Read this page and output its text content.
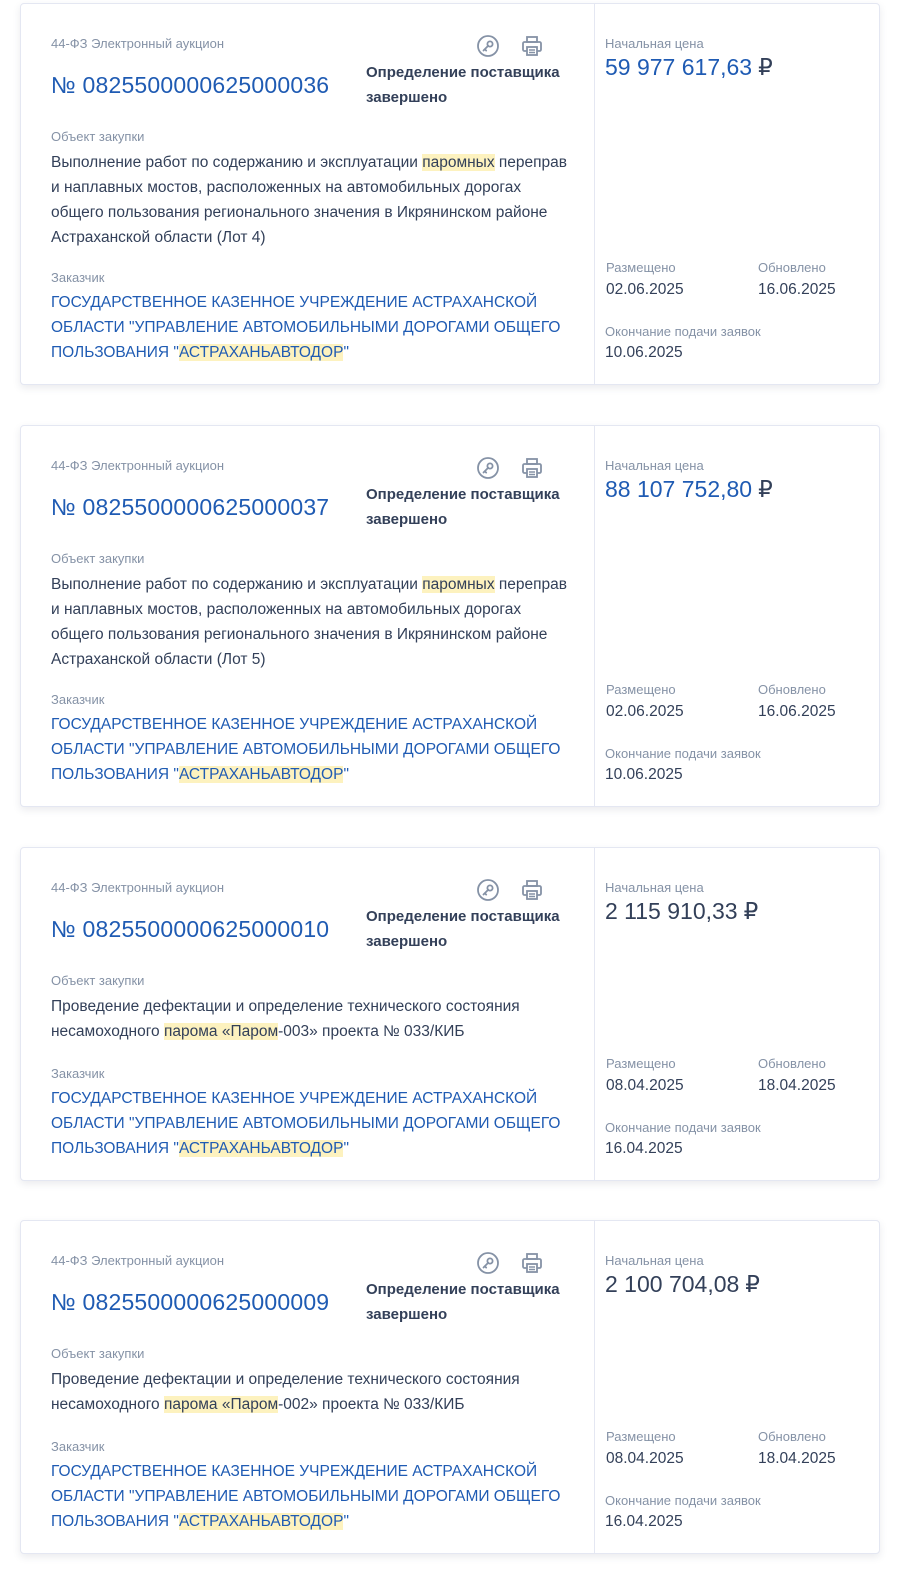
44-ФЗ Электронный аукцион
№ 0825500000625000036 Определение поставщика завершено
Объект закупки
Выполнение работ по содержанию и эксплуатации паромных переправ и наплавных мостов, расположенных на автомобильных дорогах общего пользования регионального значения в Икрянинском районе Астраханской области (Лот 4)
Заказчик
ГОСУДАРСТВЕННОЕ КАЗЕННОЕ УЧРЕЖДЕНИЕ АСТРАХАНСКОЙ ОБЛАСТИ "УПРАВЛЕНИЕ АВТОМОБИЛЬНЫМИ ДОРОГАМИ ОБЩЕГО ПОЛЬЗОВАНИЯ "АСТРАХАНЬАВТОДОР"
Начальная цена
59 977 617,63 ₽
Размещено	Обновлено
02.06.2025	16.06.2025
Окончание подачи заявок
10.06.2025
44-ФЗ Электронный аукцион
№ 0825500000625000037 Определение поставщика завершено
Объект закупки
Выполнение работ по содержанию и эксплуатации паромных переправ и наплавных мостов, расположенных на автомобильных дорогах общего пользования регионального значения в Икрянинском районе Астраханской области (Лот 5)
Заказчик
ГОСУДАРСТВЕННОЕ КАЗЕННОЕ УЧРЕЖДЕНИЕ АСТРАХАНСКОЙ ОБЛАСТИ "УПРАВЛЕНИЕ АВТОМОБИЛЬНЫМИ ДОРОГАМИ ОБЩЕГО ПОЛЬЗОВАНИЯ "АСТРАХАНЬАВТОДОР"
Начальная цена
88 107 752,80 ₽
Размещено	Обновлено
02.06.2025	16.06.2025
Окончание подачи заявок
10.06.2025
44-ФЗ Электронный аукцион
№ 0825500000625000010 Определение поставщика завершено
Объект закупки
Проведение дефектации и определение технического состояния несамоходного парома «Паром-003» проекта № 033/КИБ
Заказчик
ГОСУДАРСТВЕННОЕ КАЗЕННОЕ УЧРЕЖДЕНИЕ АСТРАХАНСКОЙ ОБЛАСТИ "УПРАВЛЕНИЕ АВТОМОБИЛЬНЫМИ ДОРОГАМИ ОБЩЕГО ПОЛЬЗОВАНИЯ "АСТРАХАНЬАВТОДОР"
Начальная цена
2 115 910,33 ₽
Размещено	Обновлено
08.04.2025	18.04.2025
Окончание подачи заявок
16.04.2025
44-ФЗ Электронный аукцион
№ 0825500000625000009 Определение поставщика завершено
Объект закупки
Проведение дефектации и определение технического состояния несамоходного парома «Паром-002» проекта № 033/КИБ
Заказчик
ГОСУДАРСТВЕННОЕ КАЗЕННОЕ УЧРЕЖДЕНИЕ АСТРАХАНСКОЙ ОБЛАСТИ "УПРАВЛЕНИЕ АВТОМОБИЛЬНЫМИ ДОРОГАМИ ОБЩЕГО ПОЛЬЗОВАНИЯ "АСТРАХАНЬАВТОДОР"
Начальная цена
2 100 704,08 ₽
Размещено	Обновлено
08.04.2025	18.04.2025
Окончание подачи заявок
16.04.2025
